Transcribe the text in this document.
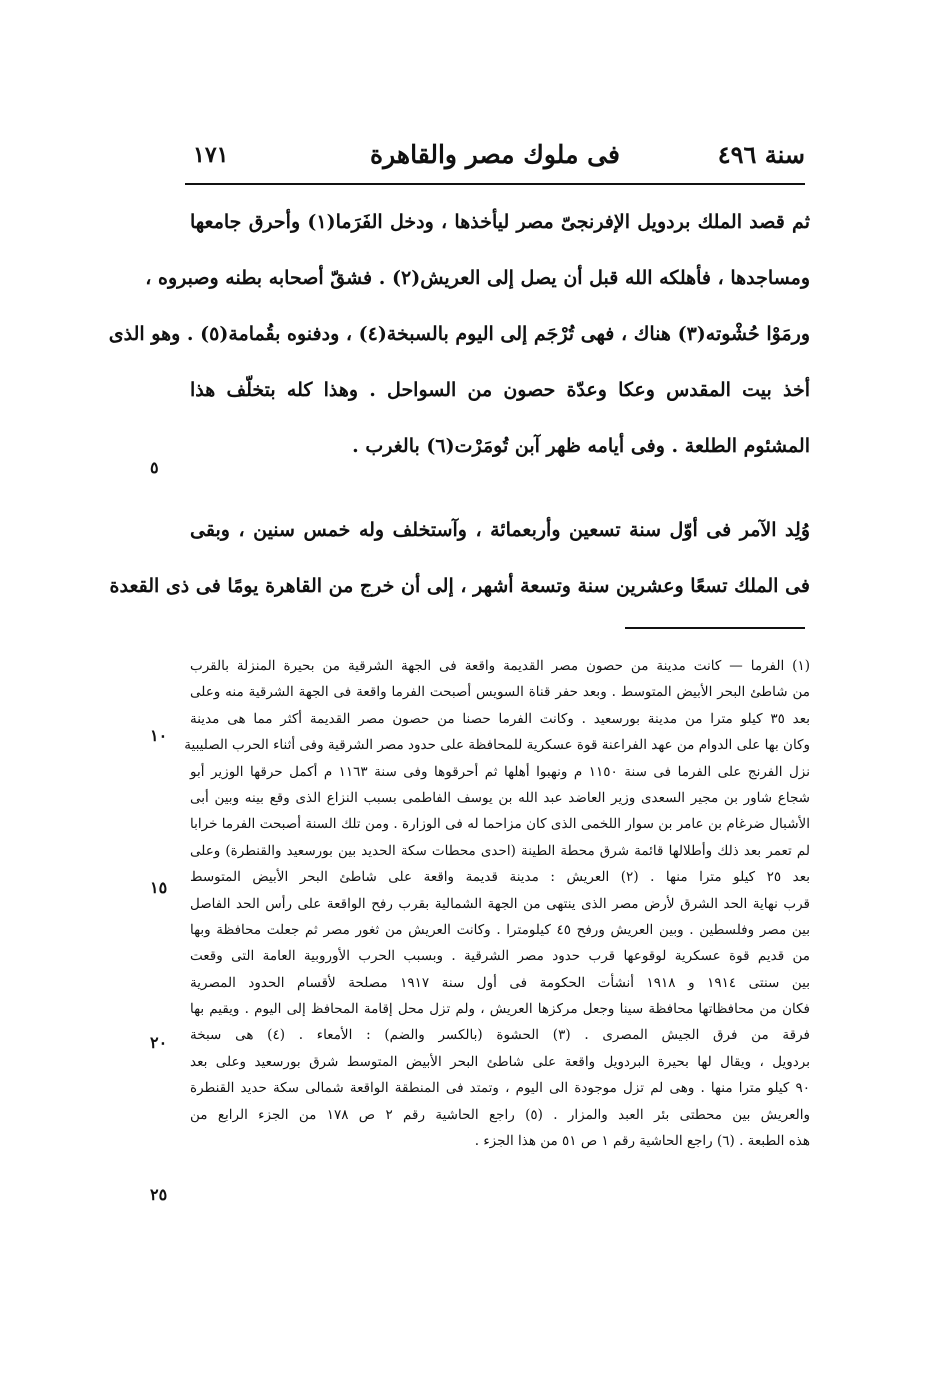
سنة ٤٩٦
فى ملوك مصر والقاهرة
١٧١
ثم قصد الملك بردويل الإفرنجىّ مصر ليأخذها ، ودخل الفَرَما(١) وأحرق جامعها
ومساجدها ، فأهلكه الله قبل أن يصل إلى العريش(٢) . فشقّ أصحابه بطنه وصبروه ،
ورمَوْا حُشْوته(٣) هناك ، فهى تُرْجَم إلى اليوم بالسبخة(٤) ، ودفنوه بقُمامة(٥) . وهو الذى
أخذ بيت المقدس وعكا وعدّة حصون من السواحل . وهذا كله بتخلّف هذا
المشئوم الطلعة . وفى أيامه ظهر آبن تُومَرْت(٦) بالغرب .
وُلِد الآمر فى أوّل سنة تسعين وأربعمائة ، وآستخلف وله خمس سنين ، وبقى
فى الملك تسعًا وعشرين سنة وتسعة أشهر ، إلى أن خرج من القاهرة يومًا فى ذى القعدة
٥
١٠
١٥
٢٠
٢٥
(١) الفرما — كانت مدينة من حصون مصر القديمة واقعة فى الجهة الشرقية من بحيرة المنزلة بالقرب
من شاطئ البحر الأبيض المتوسط . وبعد حفر قناة السويس أصبحت الفرما واقعة فى الجهة الشرقية منه وعلى
بعد ٣٥ كيلو مترا من مدينة بورسعيد . وكانت الفرما حصنا من حصون مصر القديمة أكثر مما هى مدينة
وكان بها على الدوام من عهد الفراعنة قوة عسكرية للمحافظة على حدود مصر الشرقية وفى أثناء الحرب الصليبية
نزل الفرنج على الفرما فى سنة ١١٥٠ م ونهبوا أهلها ثم أحرقوها وفى سنة ١١٦٣ م أكمل حرقها الوزير أبو
شجاع شاور بن مجير السعدى وزير العاضد عبد الله بن يوسف الفاطمى بسبب النزاع الذى وقع بينه وبين أبى
الأشبال ضرغام بن عامر بن سوار اللخمى الذى كان مزاحما له فى الوزارة . ومن تلك السنة أصبحت الفرما خرابا
لم تعمر بعد ذلك وأطلالها قائمة شرق محطة الطينة (احدى محطات سكة الحديد بين بورسعيد والقنطرة) وعلى
بعد ٢٥ كيلو مترا منها . (٢) العريش : مدينة قديمة واقعة على شاطئ البحر الأبيض المتوسط
قرب نهاية الحد الشرق لأرض مصر الذى ينتهى من الجهة الشمالية بقرب رفح الواقعة على رأس الحد الفاصل
بين مصر وفلسطين . وبين العريش ورفح ٤٥ كيلومترا . وكانت العريش من ثغور مصر ثم جعلت محافظة وبها
من قديم قوة عسكرية لوقوعها قرب حدود مصر الشرقية . وبسبب الحرب الأوروبية العامة التى وقعت
بين سنتى ١٩١٤ و ١٩١٨ أنشأت الحكومة فى أول سنة ١٩١٧ مصلحة لأقسام الحدود المصرية
فكان من محافظاتها محافظة سينا وجعل مركزها العريش ، ولم تزل محل إقامة المحافظ إلى اليوم . ويقيم بها
فرقة من فرق الجيش المصرى . (٣) الحشوة (بالكسر والضم) : الأمعاء . (٤) هى سبخة
بردويل ، ويقال لها بحيرة البردويل واقعة على شاطئ البحر الأبيض المتوسط شرق بورسعيد وعلى بعد
٩٠ كيلو مترا منها . وهى لم تزل موجودة الى اليوم ، وتمتد فى المنطقة الواقعة شمالى سكة حديد القنطرة
والعريش بين محطتى بئر العبد والمزار . (٥) راجع الحاشية رقم ٢ ص ١٧٨ من الجزء الرابع من
هذه الطبعة . (٦) راجع الحاشية رقم ١ ص ٥١ من هذا الجزء .
